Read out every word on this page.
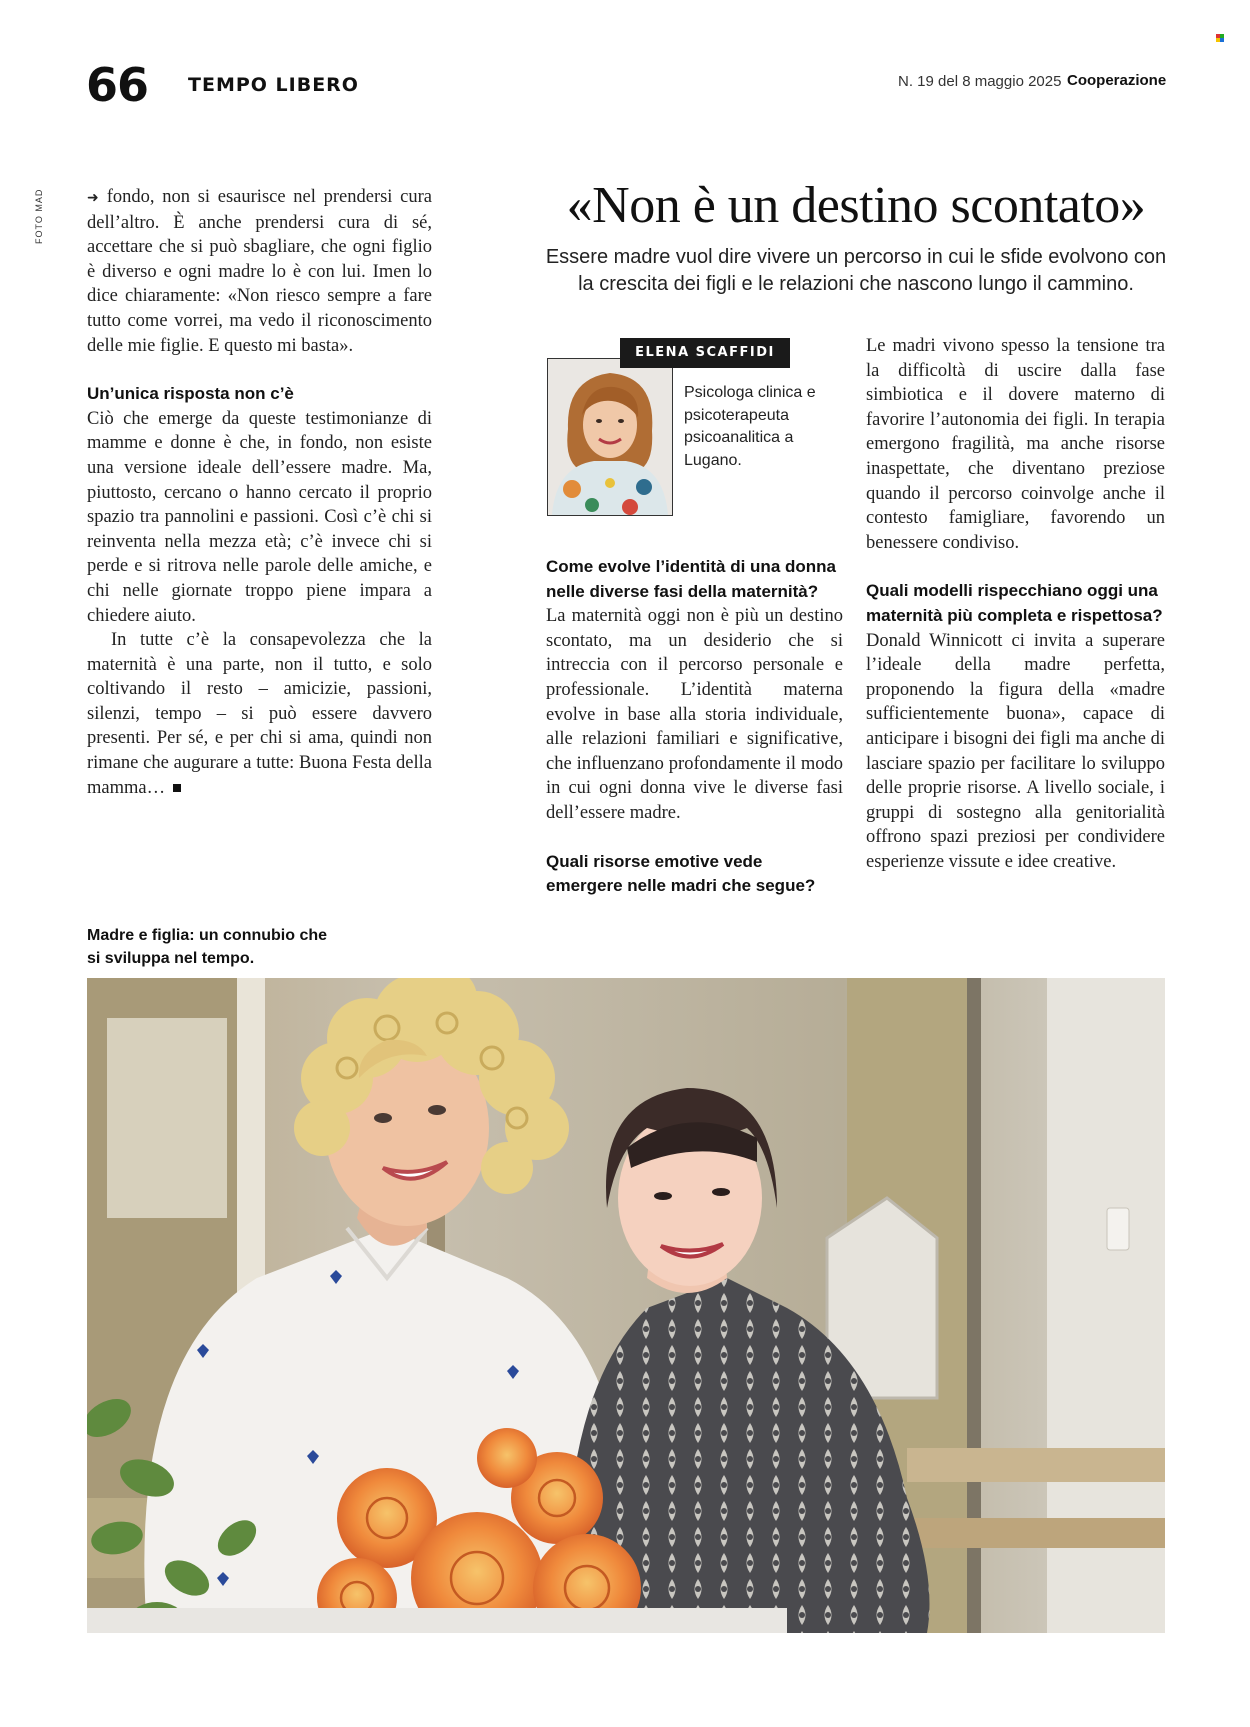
66 TEMPO LIBERO	N. 19 del 8 maggio 2025 Cooperazione
FOTO MAD	➜ fondo, non si esaurisce nel prendersi cura dell’altro. È anche prendersi cura di sé, accettare che si può sbagliare, che ogni figlio è diverso e ogni madre lo è con lui. Imen lo dice chiaramente: «Non riesco sempre a fare tutto come vorrei, ma vedo il riconoscimento delle mie figlie. E questo mi basta».

Un’unica risposta non c’è

Ciò che emerge da queste testimonianze di mamme e donne è che, in fondo, non esiste una versione ideale dell’essere madre. Ma, piuttosto, cercano o hanno cercato il proprio spazio tra pannolini e passioni. Così c’è chi si reinventa nella mezza età; c’è invece chi si perde e si ritrova nelle parole delle amiche, e chi nelle giornate troppo piene impara a chiedere aiuto.

In tutte c’è la consapevolezza che la maternità è una parte, non il tutto, e solo coltivando il resto – amicizie, passioni, silenzi, tempo – si può essere davvero presenti. Per sé, e per chi si ama, quindi non rimane che augurare a tutte: Buona Festa della mamma…

«Non è un destino scontato»
Essere madre vuol dire vivere un percorso in cui le sfide evolvono con la crescita dei figli e le relazioni che nascono lungo il cammino.
ELENA SCAFFIDI
Psicologa clinica e psicoterapeuta psicoanalitica a Lugano.
Come evolve l’identità di una donna nelle diverse fasi della maternità?

La maternità oggi non è più un destino scontato, ma un desiderio che si intreccia con il percorso personale e professionale. L’identità materna evolve in base alla storia individuale, alle relazioni familiari e significative, che influenzano profondamente il modo in cui ogni donna vive le diverse fasi dell’essere madre.

Quali risorse emotive vede emergere nelle madri che segue?

Le madri vivono spesso la tensione tra la difficoltà di uscire dalla fase simbiotica e il dovere materno di favorire l’autonomia dei figli. In terapia emergono fragilità, ma anche risorse inaspettate, che diventano preziose quando il percorso coinvolge anche il contesto famigliare, favorendo un benessere condiviso.

Quali modelli rispecchiano oggi una maternità più completa e rispettosa?

Donald Winnicott ci invita a superare l’ideale della madre perfetta, proponendo la figura della «madre sufficientemente buona», capace di anticipare i bisogni dei figli ma anche di lasciare spazio per facilitare lo sviluppo delle proprie risorse. A livello sociale, i gruppi di sostegno alla genitorialità offrono spazi preziosi per condividere esperienze vissute e idee creative.

Madre e figlia: un connubio che si sviluppa nel tempo.
